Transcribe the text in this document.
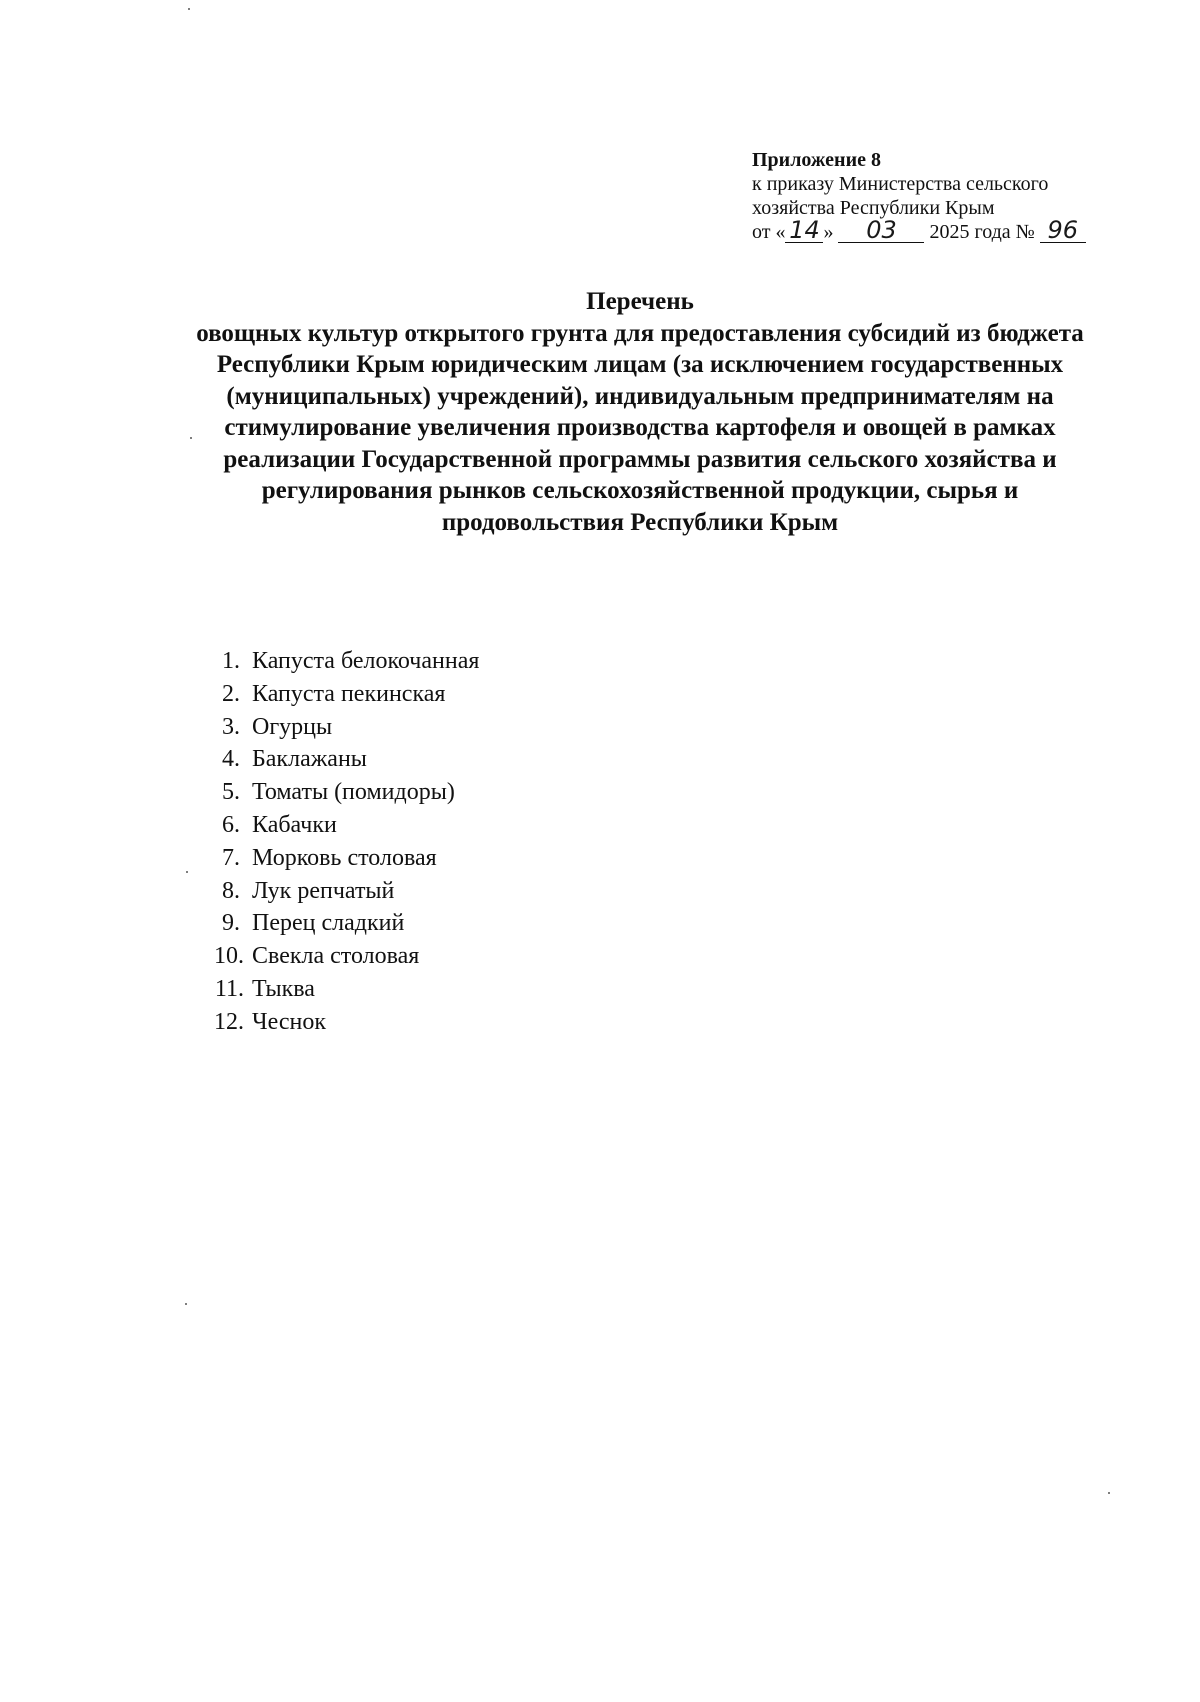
Приложение 8
к приказу Министерства сельского
хозяйства Республики Крым
от « 14 » 03 2025 года № 96
Перечень
овощных культур открытого грунта для предоставления субсидий из бюджета Республики Крым юридическим лицам (за исключением государственных (муниципальных) учреждений), индивидуальным предпринимателям на стимулирование увеличения производства картофеля и овощей в рамках реализации Государственной программы развития сельского хозяйства и регулирования рынков сельскохозяйственной продукции, сырья и продовольствия Республики Крым
1. Капуста белокочанная
2. Капуста пекинская
3. Огурцы
4. Баклажаны
5. Томаты (помидоры)
6. Кабачки
7. Морковь столовая
8. Лук репчатый
9. Перец сладкий
10. Свекла столовая
11. Тыква
12. Чеснок
